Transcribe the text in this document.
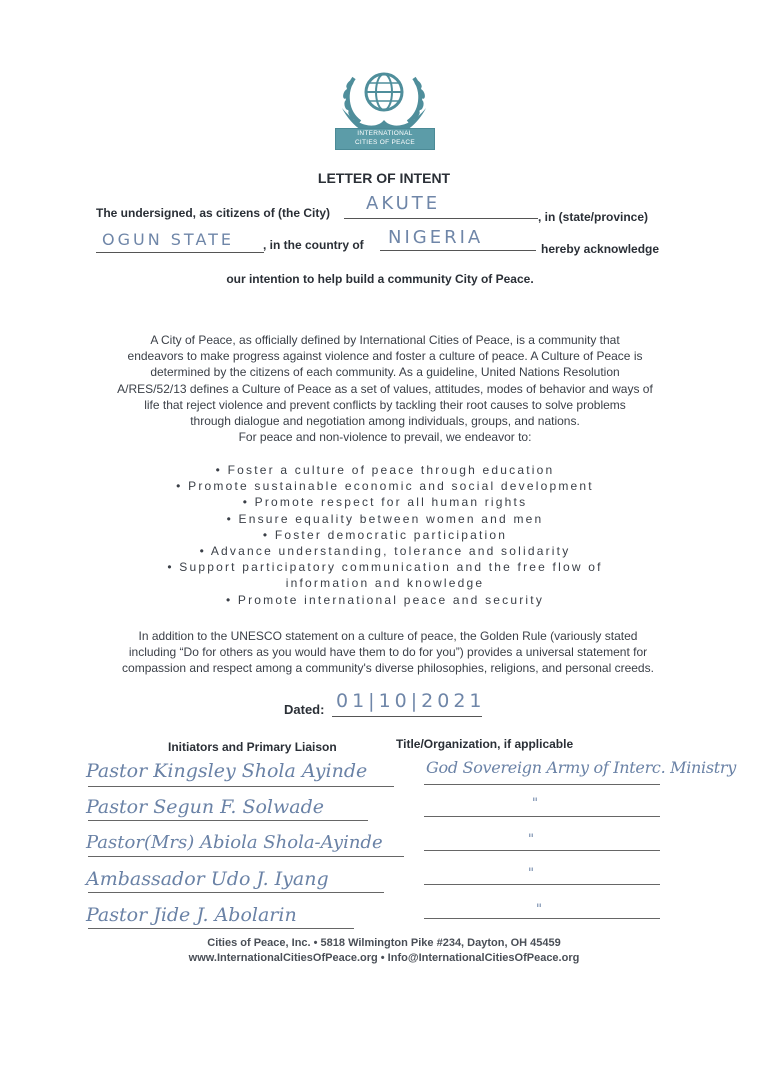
INTERNATIONAL
CITIES OF PEACE
LETTER OF INTENT
The undersigned, as citizens of (the City) AKUTE
, in (state/province)
OGUN STATE , in the country of NIGERIA
hereby acknowledge
our intention to help build a community City of Peace.

A City of Peace, as officially defined by International Cities of Peace, is a community that

endeavors to make progress against violence and foster a culture of peace. A Culture of Peace is

determined by the citizens of each community. As a guideline, United Nations Resolution

A/RES/52/13 defines a Culture of Peace as a set of values, attitudes, modes of behavior and ways of

life that reject violence and prevent conflicts by tackling their root causes to solve problems

through dialogue and negotiation among individuals, groups, and nations.

For peace and non-violence to prevail, we endeavor to:

• Foster a culture of peace through education
• Promote sustainable economic and social development
• Promote respect for all human rights
• Ensure equality between women and men
• Foster democratic participation
• Advance understanding, tolerance and solidarity
• Support participatory communication and the free flow of
information and knowledge
• Promote international peace and security
In addition to the UNESCO statement on a culture of peace, the Golden Rule (variously stated
including “Do for others as you would have them to do for you”) provides a universal statement for
compassion and respect among a community's diverse philosophies, religions, and personal creeds.
Dated: 01|10|2021
Initiators and Primary Liaison	Title/Organization, if applicable
Pastor Kingsley Shola Ayinde	God Sovereign Army of Interc. Ministry
Pastor Segun F. Solwade	"
Pastor(Mrs) Abiola Shola-Ayinde	"
Ambassador Udo J. Iyang	"
Pastor Jide J. Abolarin	"
Cities of Peace, Inc. • 5818 Wilmington Pike #234, Dayton, OH 45459
www.InternationalCitiesOfPeace.org • Info@InternationalCitiesOfPeace.org
